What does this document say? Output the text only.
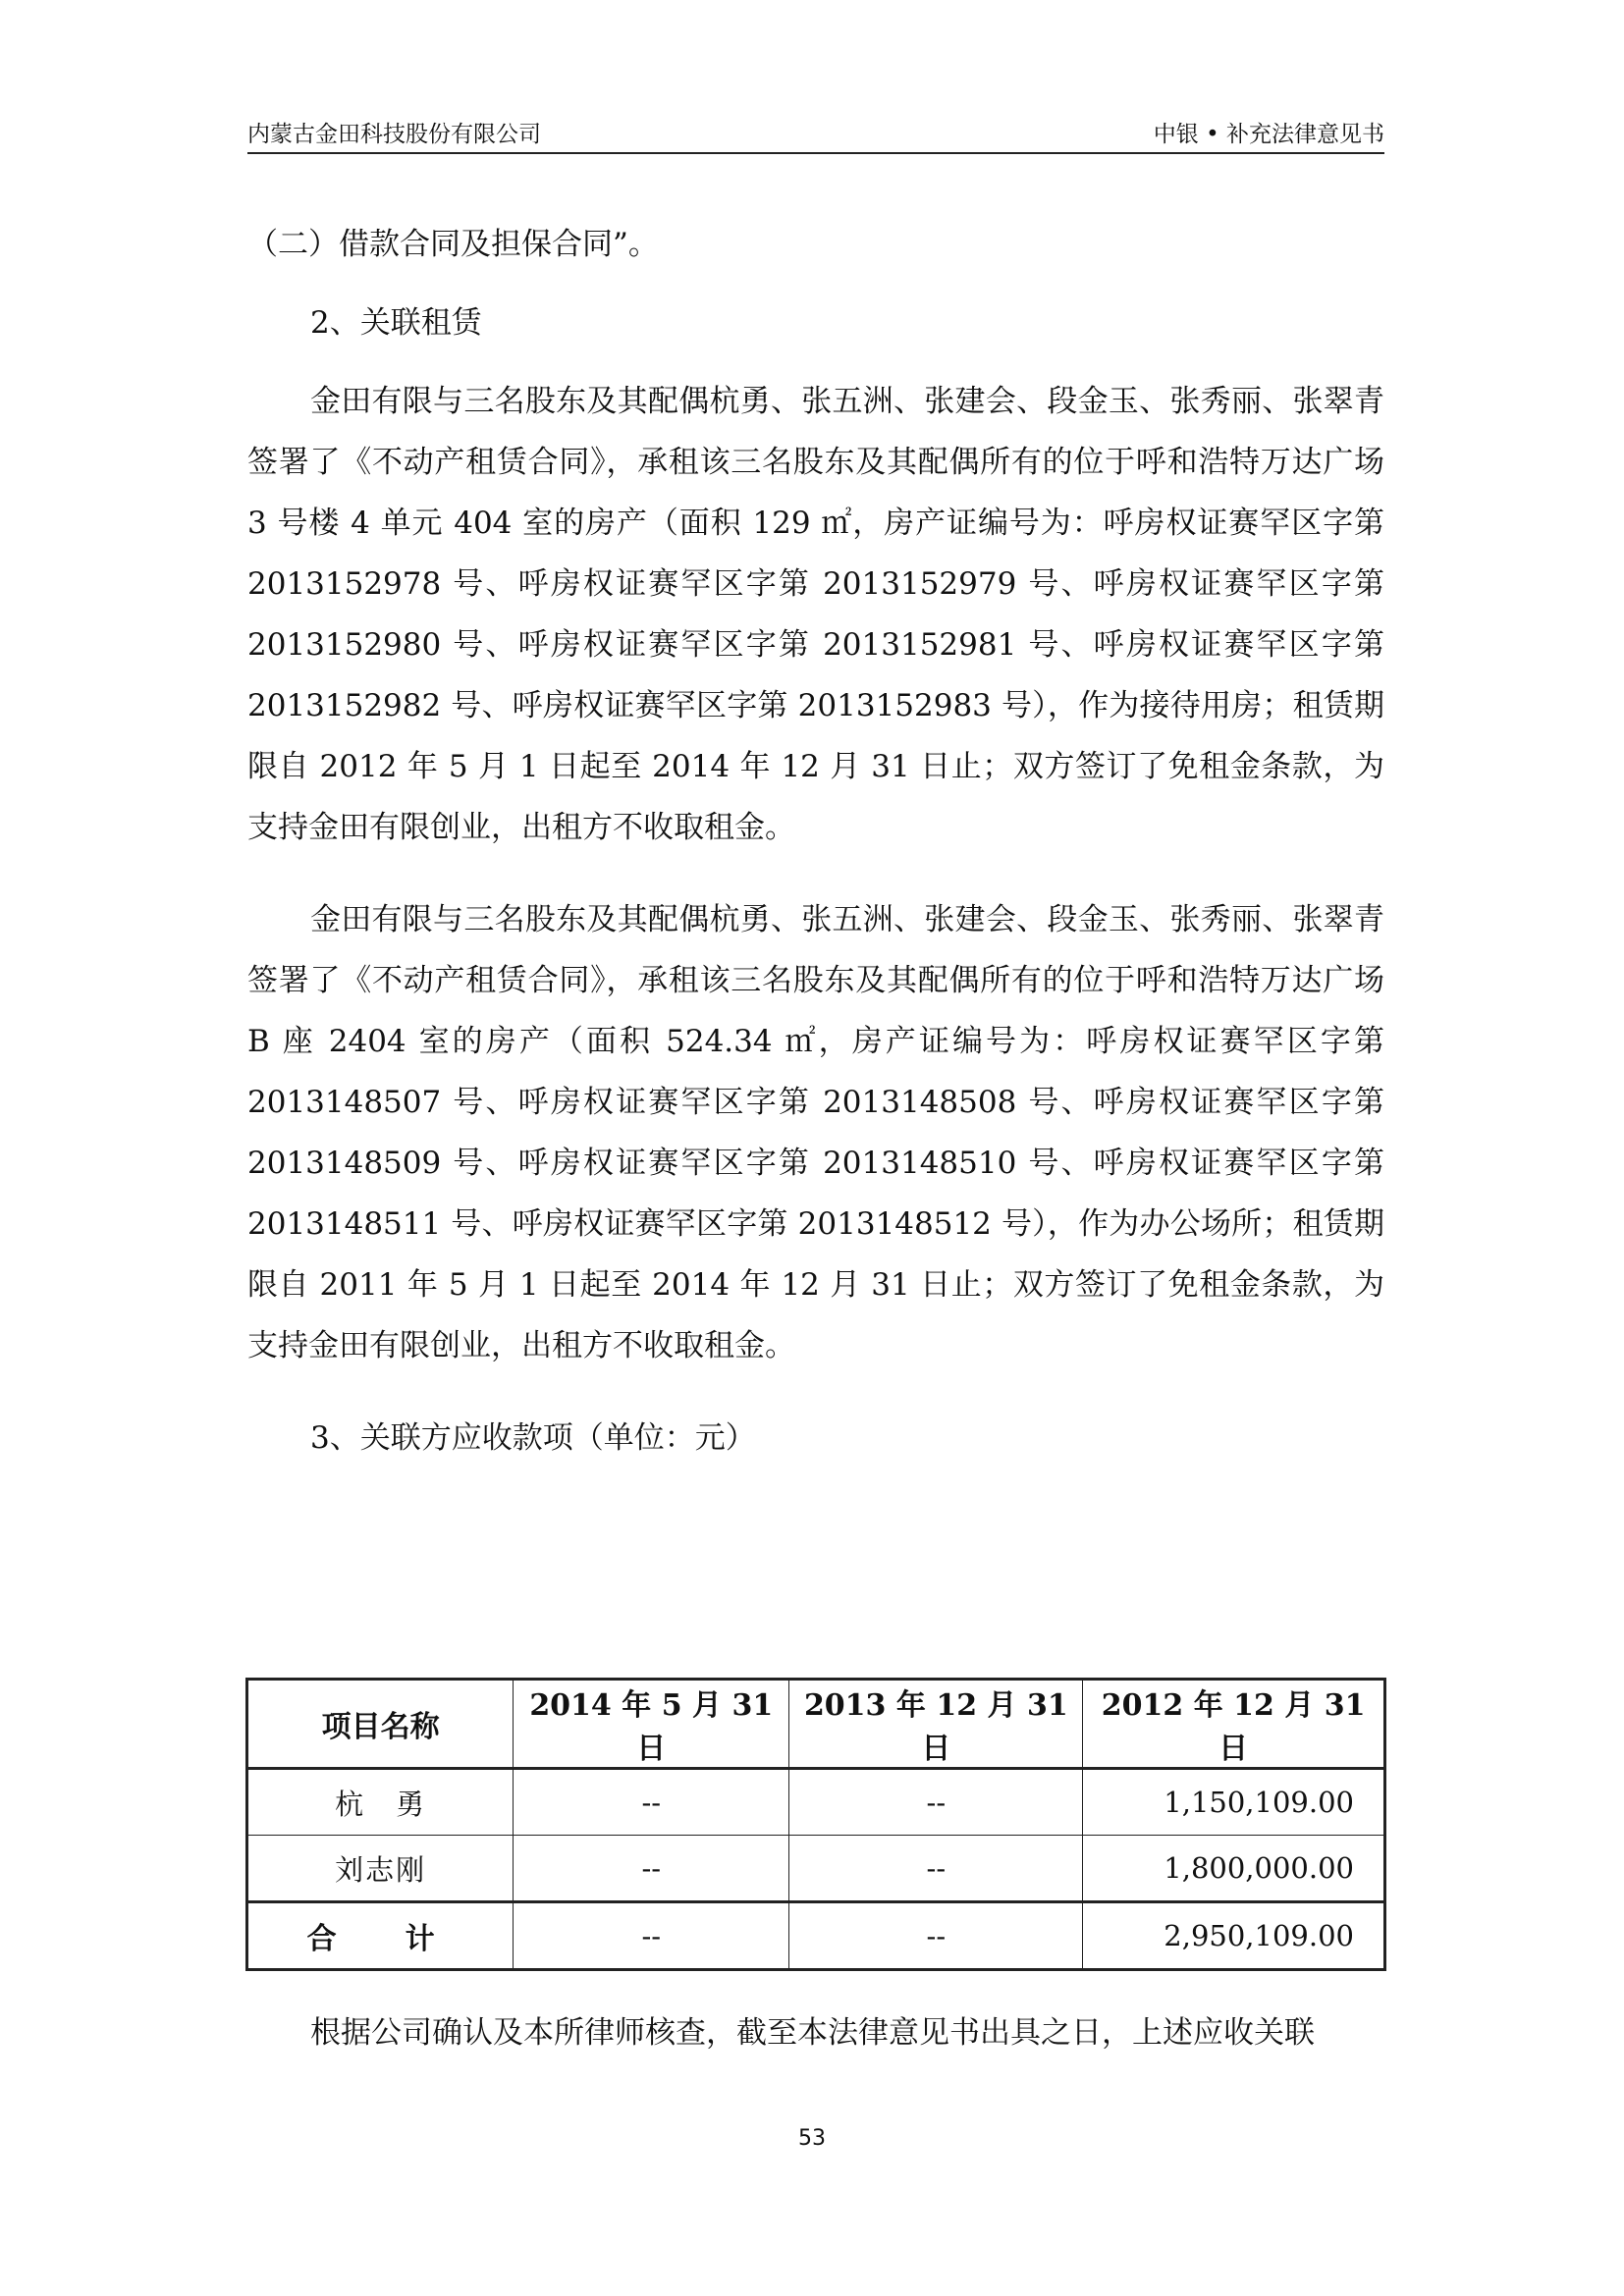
内蒙古金田科技股份有限公司	中银 • 补充法律意见书

（二）借款合同及担保合同”。

2、关联租赁

金田有限与三名股东及其配偶杭勇、张五洲、张建会、段金玉、张秀丽、张翠青签署了《不动产租赁合同》，承租该三名股东及其配偶所有的位于呼和浩特万达广场 3 号楼 4 单元 404 室的房产（面积 129 ㎡，房产证编号为：呼房权证赛罕区字第 2013152978 号、呼房权证赛罕区字第 2013152979 号、呼房权证赛罕区字第 2013152980 号、呼房权证赛罕区字第 2013152981 号、呼房权证赛罕区字第 2013152982 号、呼房权证赛罕区字第 2013152983 号），作为接待用房；租赁期限自 2012 年 5 月 1 日起至 2014 年 12 月 31 日止；双方签订了免租金条款，为支持金田有限创业，出租方不收取租金。

金田有限与三名股东及其配偶杭勇、张五洲、张建会、段金玉、张秀丽、张翠青签署了《不动产租赁合同》，承租该三名股东及其配偶所有的位于呼和浩特万达广场 B 座 2404 室的房产（面积 524.34 ㎡，房产证编号为：呼房权证赛罕区字第 2013148507 号、呼房权证赛罕区字第 2013148508 号、呼房权证赛罕区字第 2013148509 号、呼房权证赛罕区字第 2013148510 号、呼房权证赛罕区字第 2013148511 号、呼房权证赛罕区字第 2013148512 号），作为办公场所；租赁期限自 2011 年 5 月 1 日起至 2014 年 12 月 31 日止；双方签订了免租金条款，为支持金田有限创业，出租方不收取租金。

3、关联方应收款项（单位：元）

项目名称	2014 年 5 月 31 日	2013 年 12 月 31 日	2012 年 12 月 31 日
杭　勇	--	--	1,150,109.00
刘志刚	--	--	1,800,000.00
合　计	--	--	2,950,109.00

根据公司确认及本所律师核查，截至本法律意见书出具之日，上述应收关联

53
